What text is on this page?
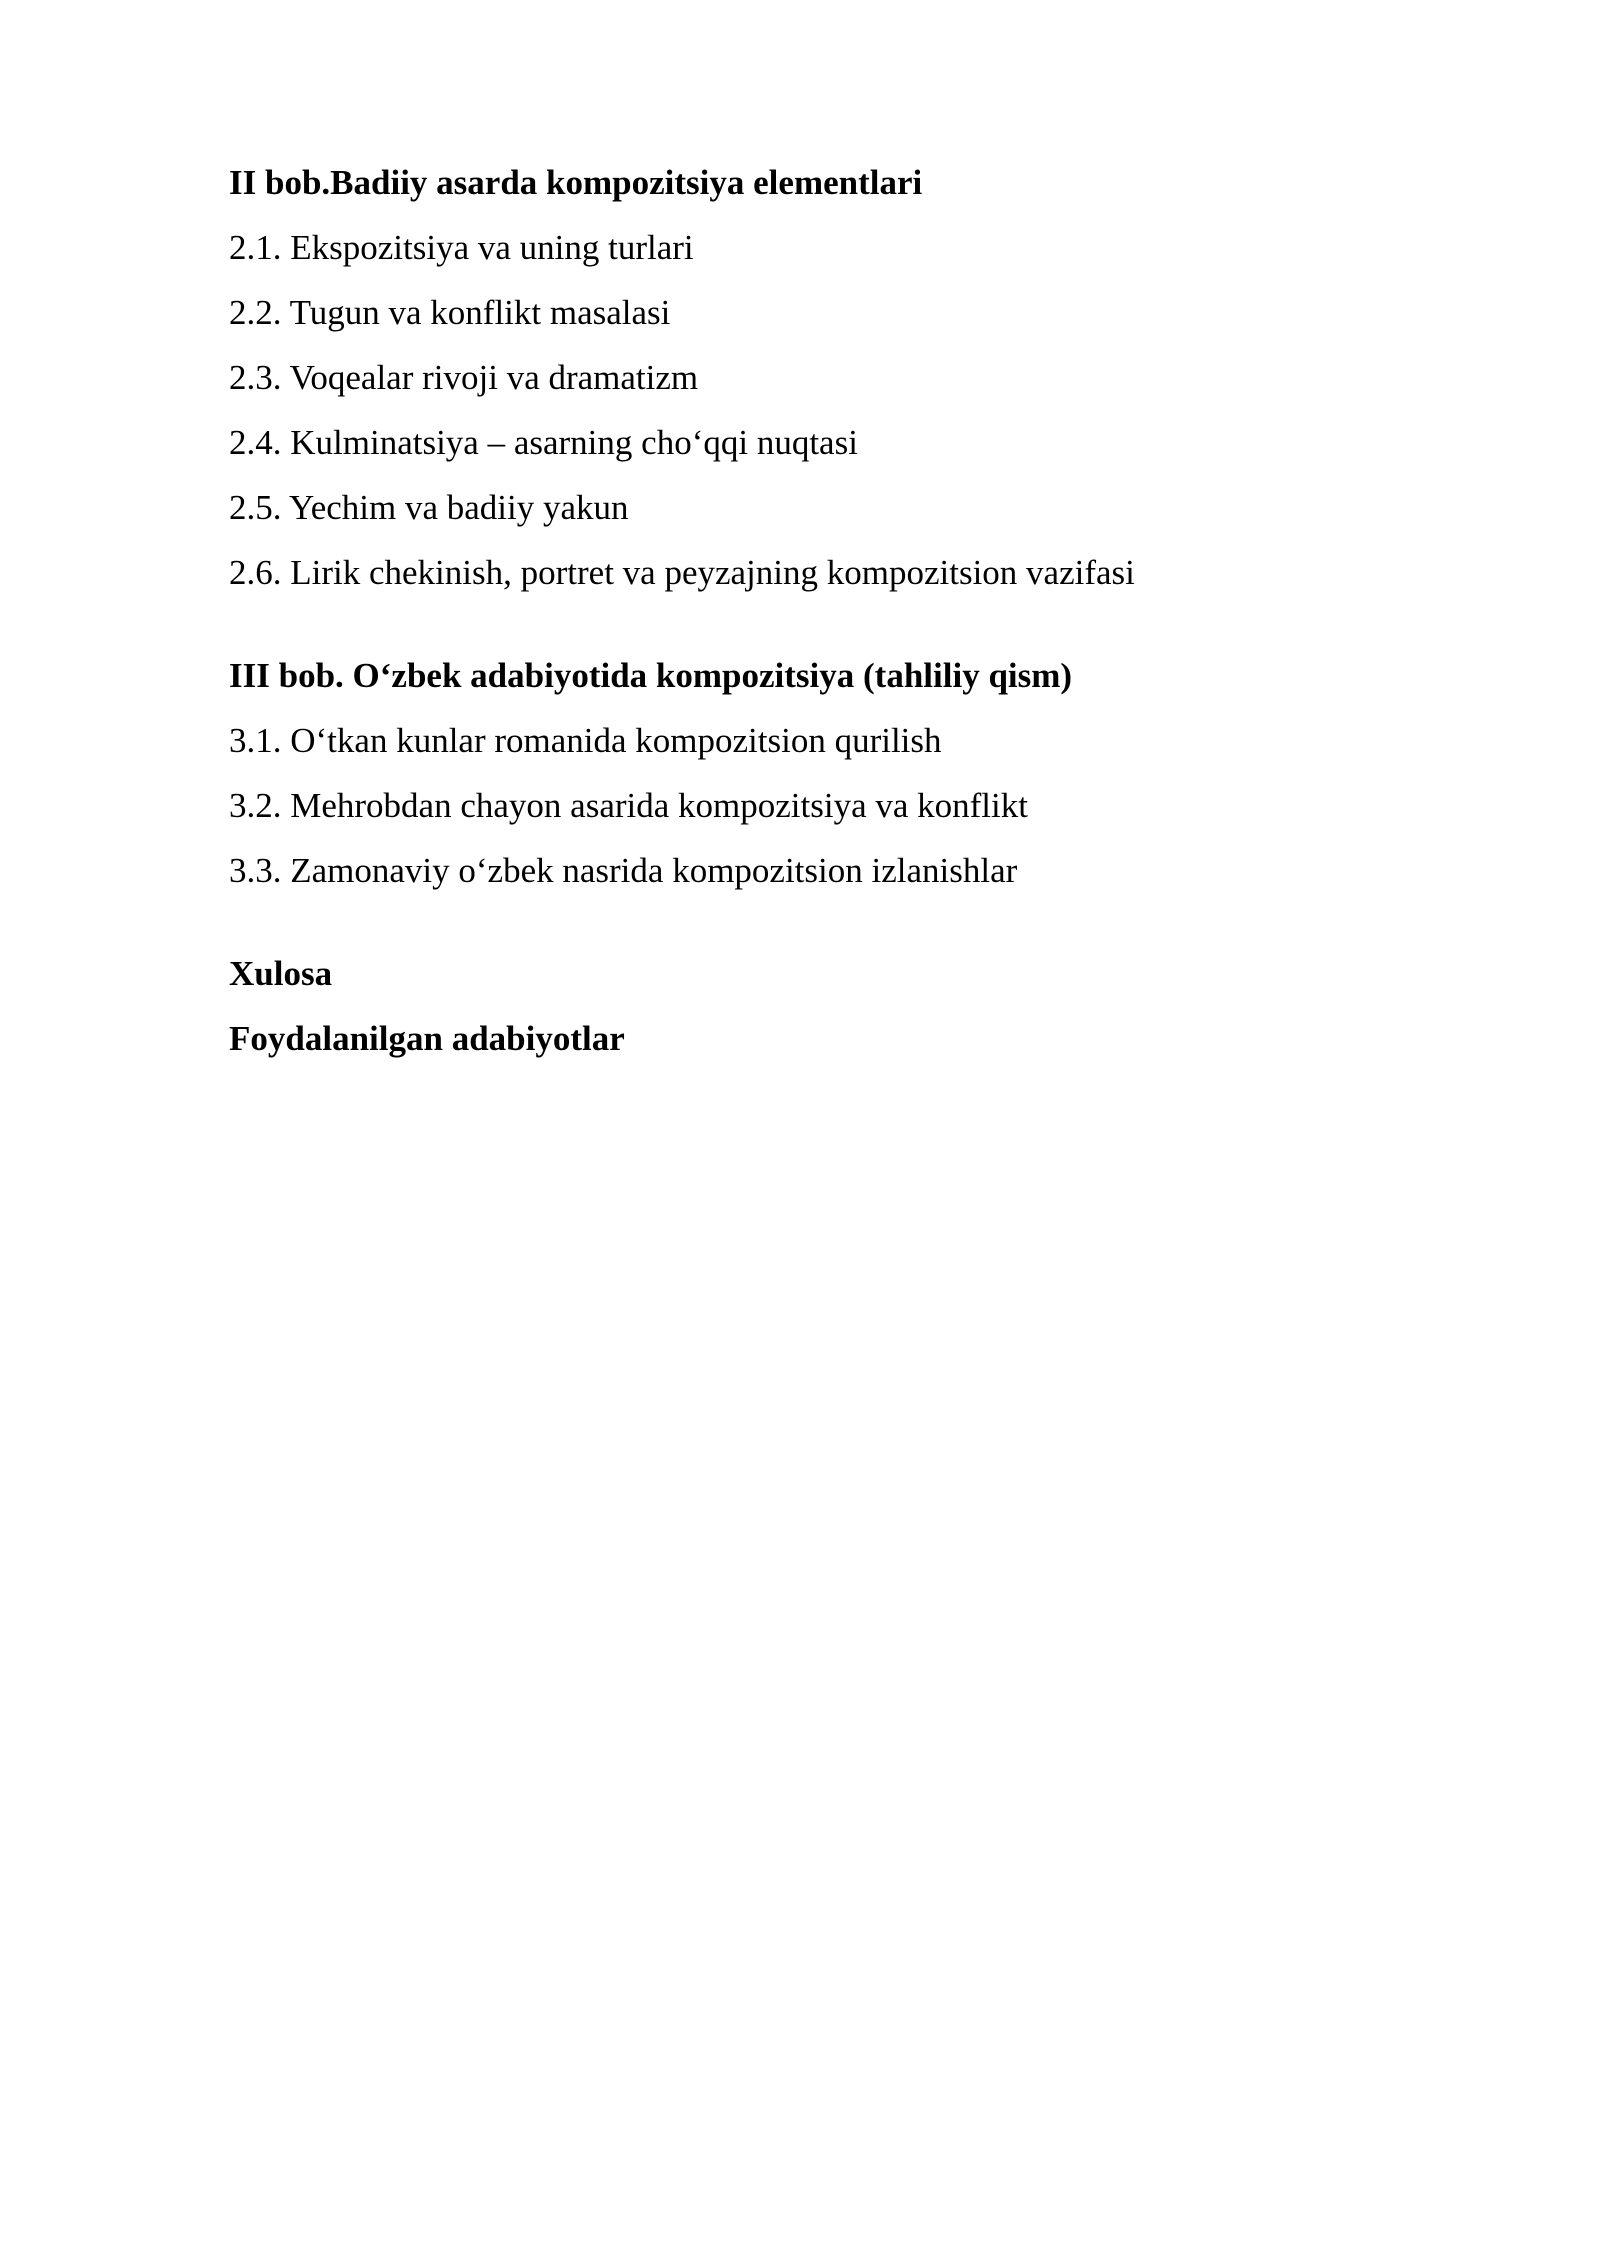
II bob.Badiiy asarda kompozitsiya elementlari
2.1. Ekspozitsiya va uning turlari
2.2. Tugun va konflikt masalasi
2.3. Voqealar rivoji va dramatizm
2.4. Kulminatsiya – asarning cho‘qqi nuqtasi
2.5. Yechim va badiiy yakun
2.6. Lirik chekinish, portret va peyzajning kompozitsion vazifasi
III bob. O‘zbek adabiyotida kompozitsiya (tahliliy qism)
3.1. O‘tkan kunlar romanida kompozitsion qurilish
3.2. Mehrobdan chayon asarida kompozitsiya va konflikt
3.3. Zamonaviy o‘zbek nasrida kompozitsion izlanishlar
Xulosa
Foydalanilgan adabiyotlar
